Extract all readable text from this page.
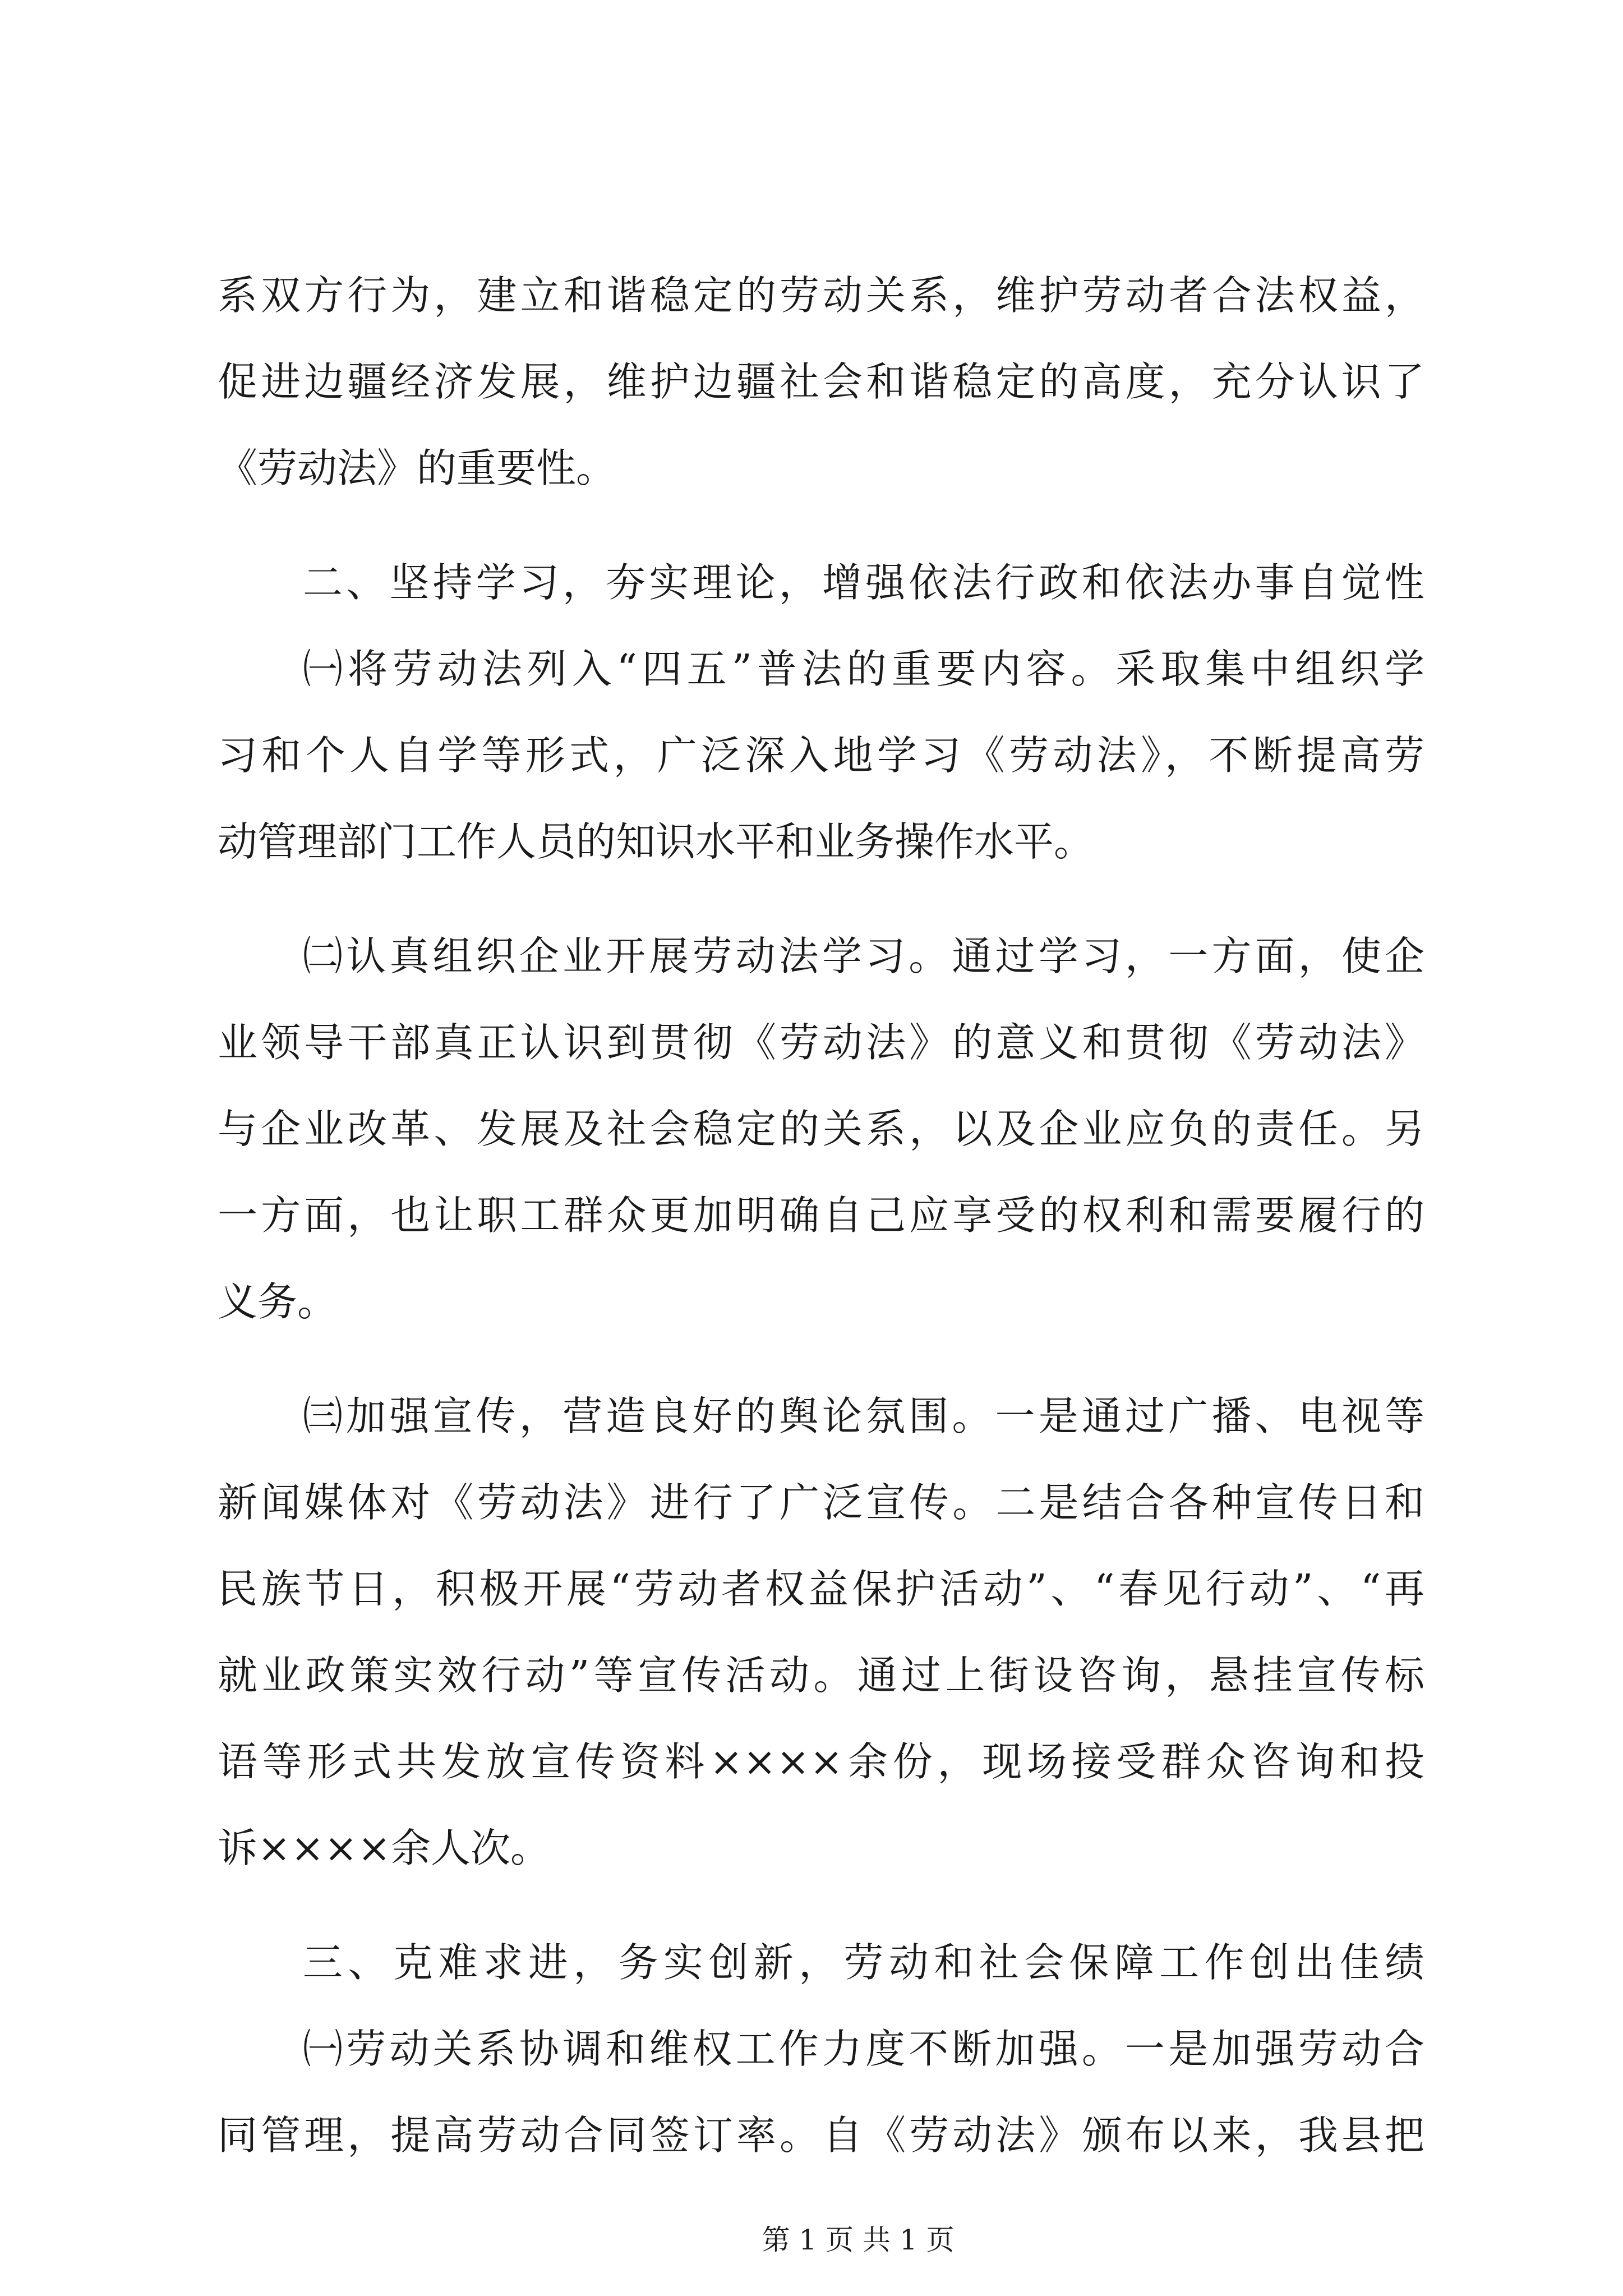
系双方行为，建立和谐稳定的劳动关系，维护劳动者合法权益，
促进边疆经济发展，维护边疆社会和谐稳定的高度，充分认识了
《劳动法》的重要性。
二、坚持学习，夯实理论，增强依法行政和依法办事自觉性
㈠将劳动法列入“四五”普法的重要内容。采取集中组织学
习和个人自学等形式，广泛深入地学习《劳动法》，不断提高劳
动管理部门工作人员的知识水平和业务操作水平。
㈡认真组织企业开展劳动法学习。通过学习，一方面，使企
业领导干部真正认识到贯彻《劳动法》的意义和贯彻《劳动法》
与企业改革、发展及社会稳定的关系，以及企业应负的责任。另
一方面，也让职工群众更加明确自己应享受的权利和需要履行的
义务。
㈢加强宣传，营造良好的舆论氛围。一是通过广播、电视等
新闻媒体对《劳动法》进行了广泛宣传。二是结合各种宣传日和
民族节日，积极开展“劳动者权益保护活动”、“春见行动”、“再
就业政策实效行动”等宣传活动。通过上街设咨询，悬挂宣传标
语等形式共发放宣传资料××××余份，现场接受群众咨询和投
诉××××余人次。
三、克难求进，务实创新，劳动和社会保障工作创出佳绩
㈠劳动关系协调和维权工作力度不断加强。一是加强劳动合
同管理，提高劳动合同签订率。自《劳动法》颁布以来，我县把
第 1 页 共 1 页
